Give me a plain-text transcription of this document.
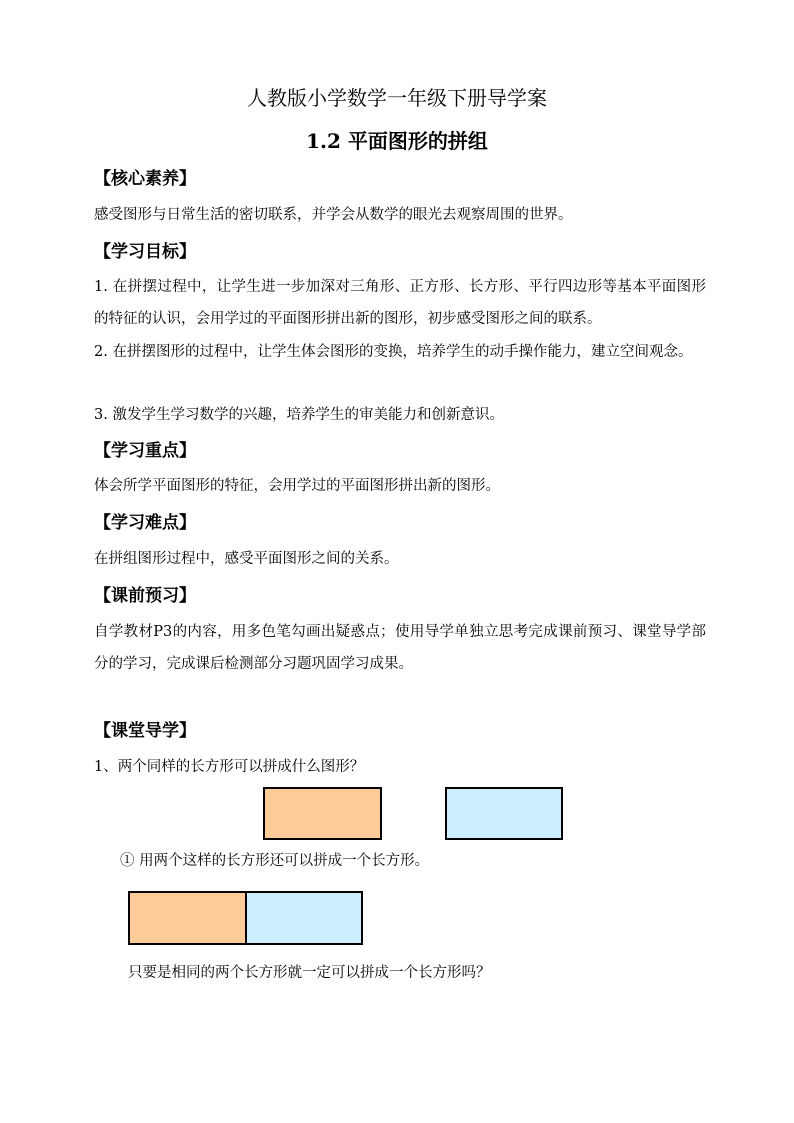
人教版小学数学一年级下册导学案
1.2 平面图形的拼组
【核心素养】
感受图形与日常生活的密切联系，并学会从数学的眼光去观察周围的世界。
【学习目标】
1. 在拼摆过程中，让学生进一步加深对三角形、正方形、长方形、平行四边形等基本平面图形的特征的认识，会用学过的平面图形拼出新的图形，初步感受图形之间的联系。
2. 在拼摆图形的过程中，让学生体会图形的变换，培养学生的动手操作能力，建立空间观念。
3. 激发学生学习数学的兴趣，培养学生的审美能力和创新意识。
【学习重点】
体会所学平面图形的特征，会用学过的平面图形拼出新的图形。
【学习难点】
在拼组图形过程中，感受平面图形之间的关系。
【课前预习】
自学教材P3的内容，用多色笔勾画出疑惑点；使用导学单独立思考完成课前预习、课堂导学部分的学习，完成课后检测部分习题巩固学习成果。
【课堂导学】
1、两个同样的长方形可以拼成什么图形？
① 用两个这样的长方形还可以拼成一个长方形。
只要是相同的两个长方形就一定可以拼成一个长方形吗？
